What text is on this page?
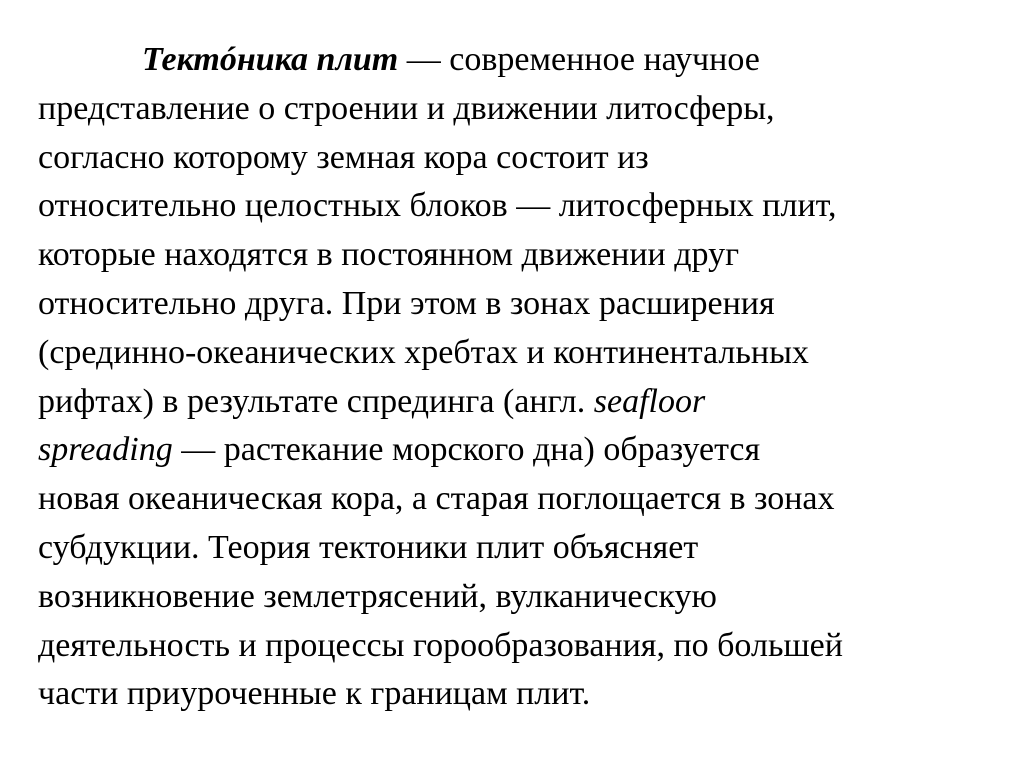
Тектóника плит — современное научное
представление о строении и движении литосферы,
согласно которому земная кора состоит из
относительно целостных блоков — литосферных плит,
которые находятся в постоянном движении друг
относительно друга. При этом в зонах расширения
(срединно-океанических хребтах и континентальных
рифтах) в результате спрединга (англ. seafloor
spreading — растекание морского дна) образуется
новая океаническая кора, а старая поглощается в зонах
субдукции. Теория тектоники плит объясняет
возникновение землетрясений, вулканическую
деятельность и процессы горообразования, по большей
части приуроченные к границам плит.
